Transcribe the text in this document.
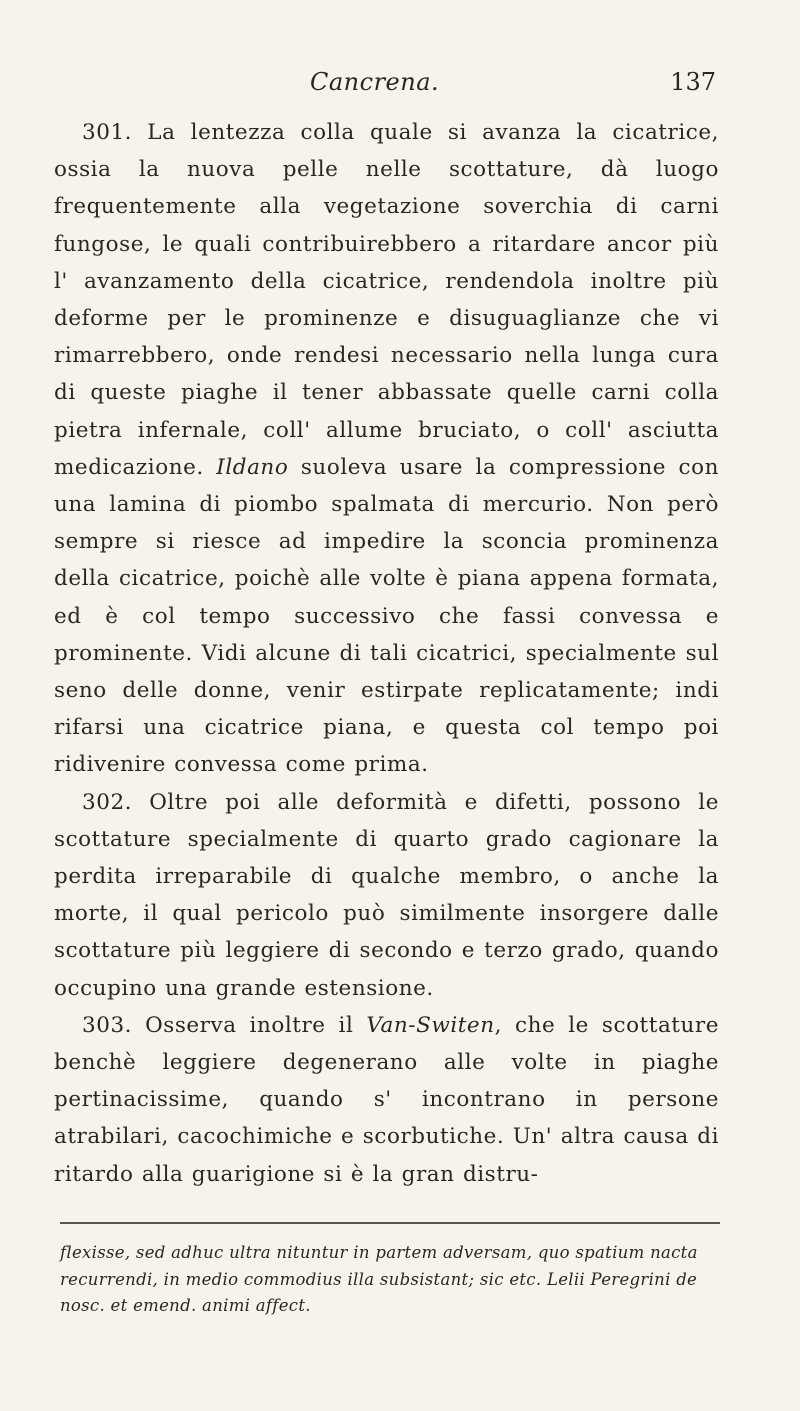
Cancrena.	137

301. La lentezza colla quale si avanza la cicatrice, ossia la nuova pelle nelle scottature, dà luogo frequentemente alla vegetazione soverchia di carni fungose, le quali contribuirebbero a ritardare ancor più l' avanzamento della cicatrice, rendendola inoltre più deforme per le prominenze e disuguaglianze che vi rimarrebbero, onde rendesi necessario nella lunga cura di queste piaghe il tener abbassate quelle carni colla pietra infernale, coll' allume bruciato, o coll' asciutta medicazione. Ildano suoleva usare la compressione con una lamina di piombo spalmata di mercurio. Non però sempre si riesce ad impedire la sconcia prominenza della cicatrice, poichè alle volte è piana appena formata, ed è col tempo successivo che fassi convessa e prominente. Vidi alcune di tali cicatrici, specialmente sul seno delle donne, venir estirpate replicatamente; indi rifarsi una cicatrice piana, e questa col tempo poi ridivenire convessa come prima.

302. Oltre poi alle deformità e difetti, possono le scottature specialmente di quarto grado cagionare la perdita irreparabile di qualche membro, o anche la morte, il qual pericolo può similmente insorgere dalle scottature più leggiere di secondo e terzo grado, quando occupino una grande estensione.

303. Osserva inoltre il Van-Switen, che le scottature benchè leggiere degenerano alle volte in piaghe pertinacissime, quando s' incontrano in persone atrabilari, cacochimiche e scorbutiche. Un' altra causa di ritardo alla guarigione si è la gran distru-

flexisse, sed adhuc ultra nituntur in partem adversam, quo spatium nacta recurrendi, in medio commodius illa subsistant; sic etc. Lelii Peregrini de nosc. et emend. animi affect.
